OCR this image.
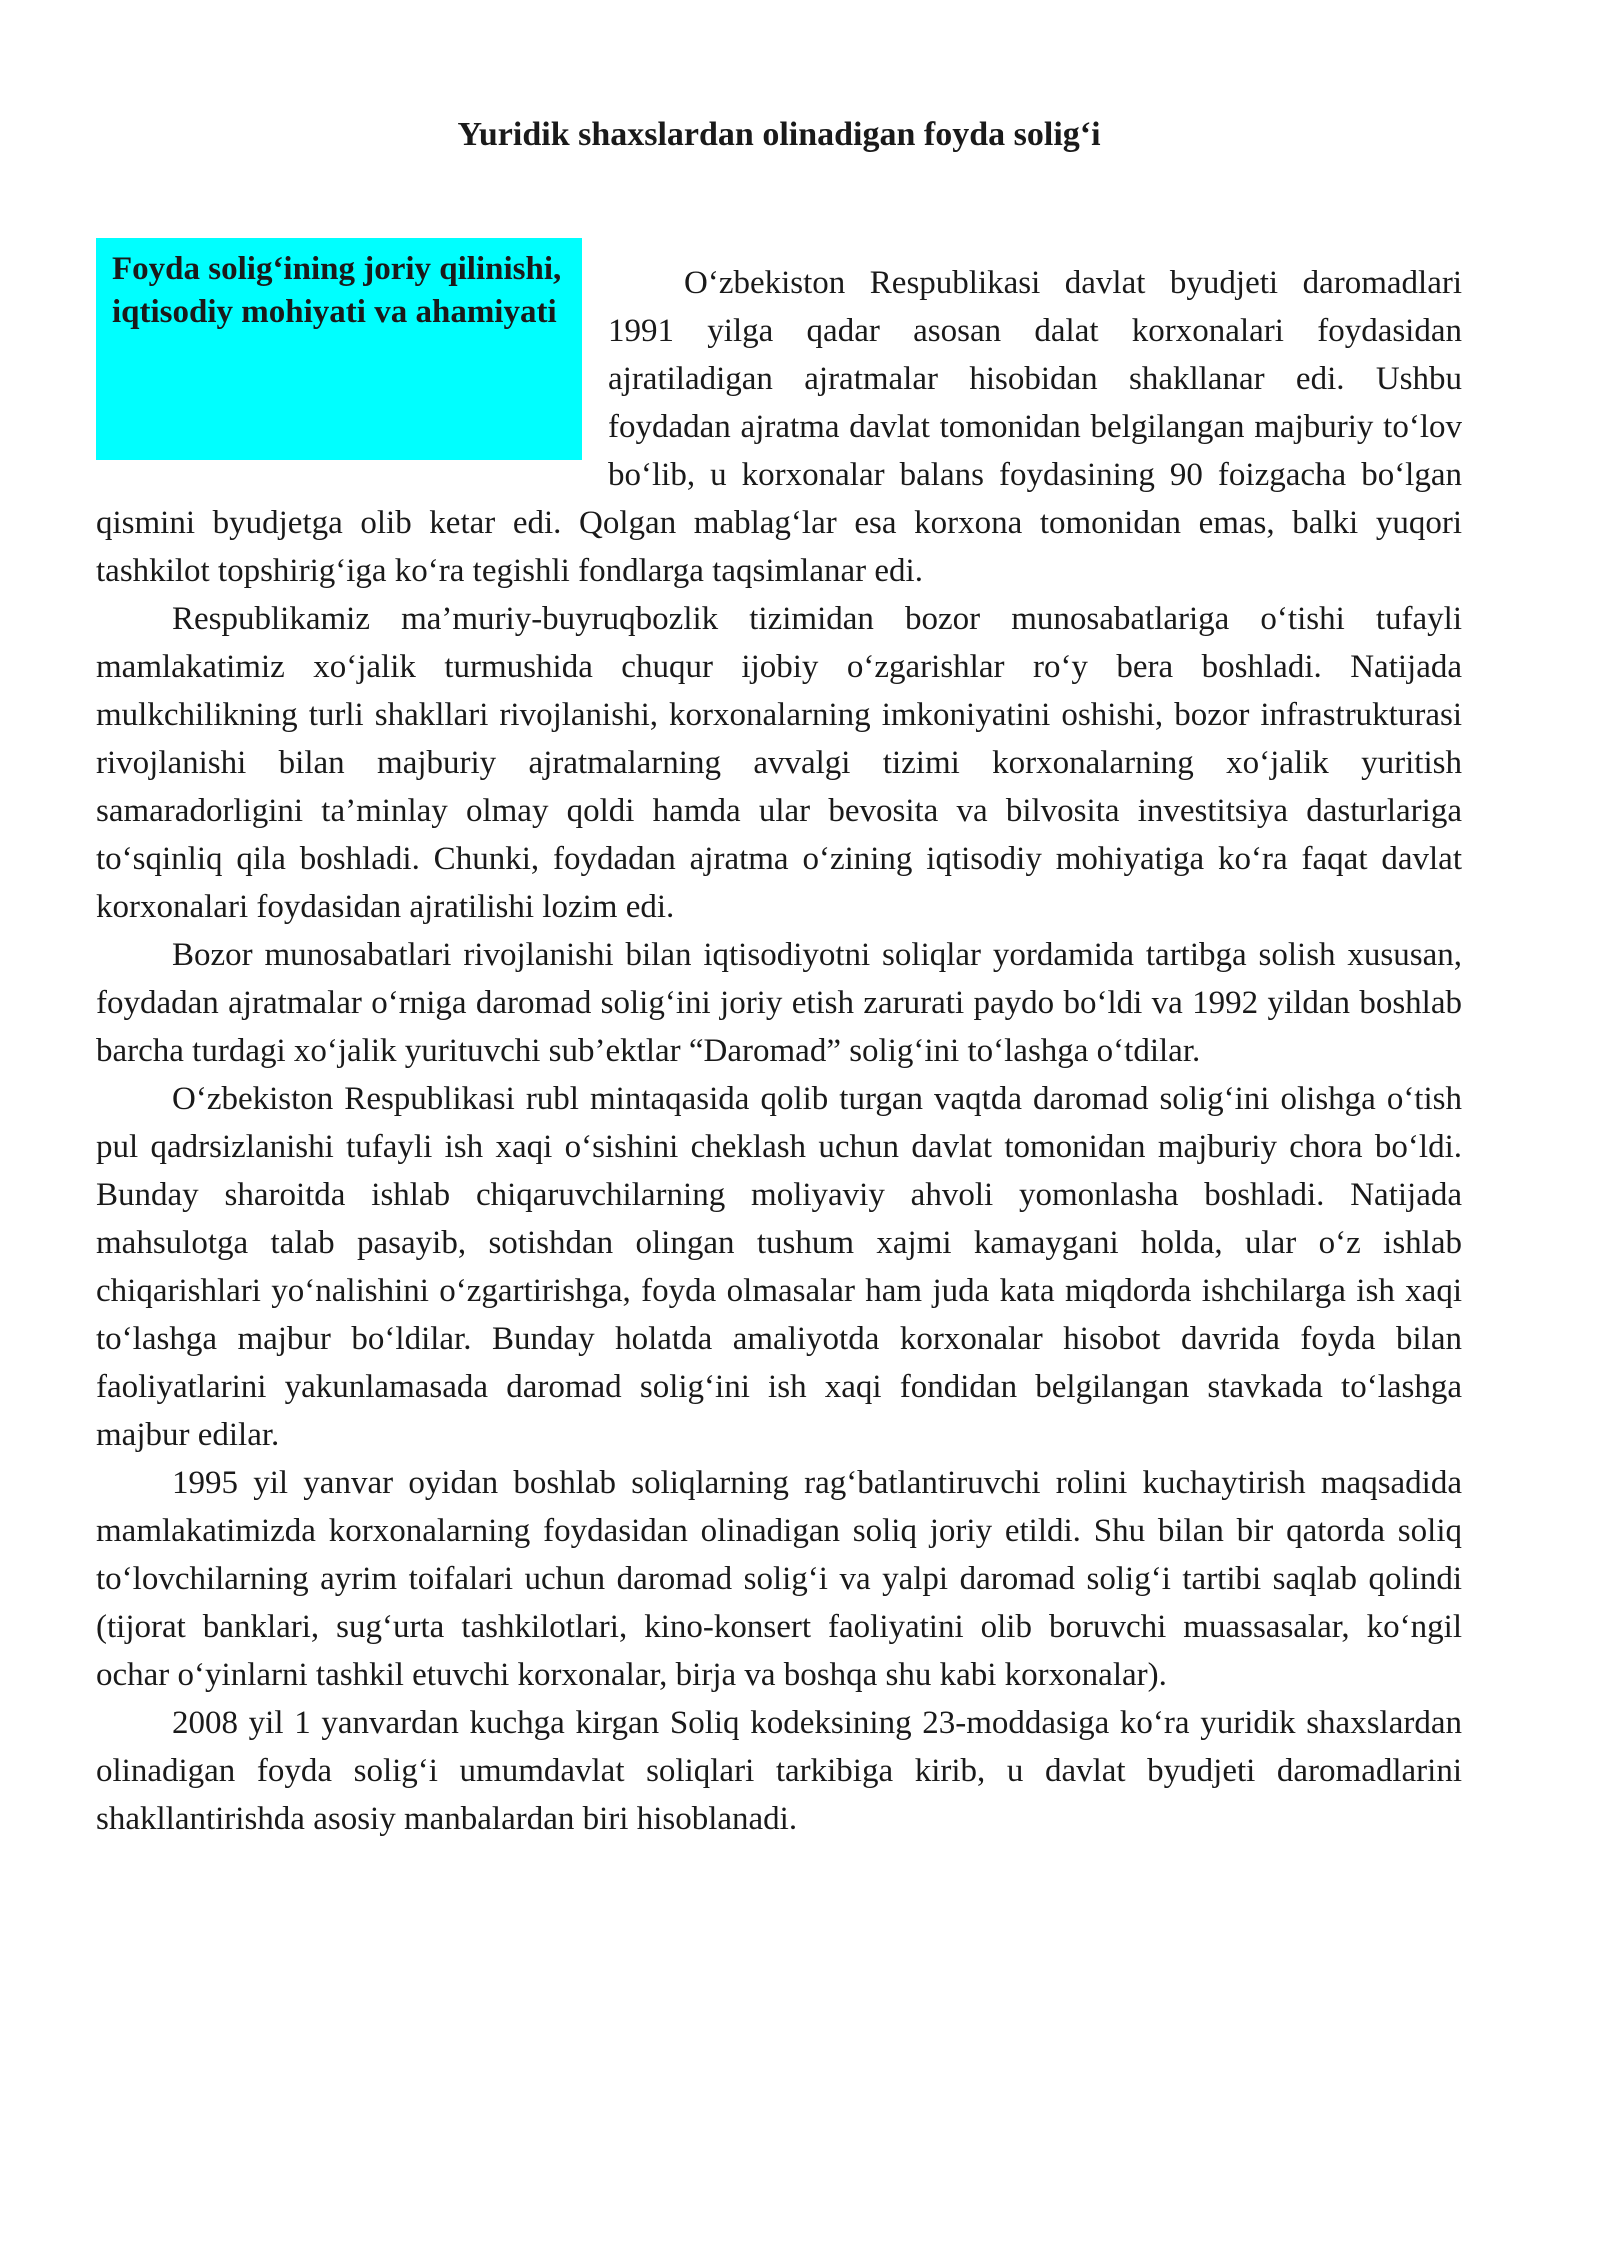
Yuridik shaxslardan olinadigan foyda solig‘i

Foyda solig‘ining joriy qilinishi, iqtisodiy mohiyati va ahamiyati

O‘zbekiston Respublikasi davlat byudjeti daromadlari 1991 yilga qadar asosan dalat korxonalari foydasidan ajratiladigan ajratmalar hisobidan shakllanar edi. Ushbu foydadan ajratma davlat tomonidan belgilangan majburiy to‘lov bo‘lib, u korxonalar balans foydasining 90 foizgacha bo‘lgan qismini byudjetga olib ketar edi. Qolgan mablag‘lar esa korxona tomonidan emas, balki yuqori tashkilot topshirig‘iga ko‘ra tegishli fondlarga taqsimlanar edi.

Respublikamiz ma’muriy-buyruqbozlik tizimidan bozor munosabatlariga o‘tishi tufayli mamlakatimiz xo‘jalik turmushida chuqur ijobiy o‘zgarishlar ro‘y bera boshladi. Natijada mulkchilikning turli shakllari rivojlanishi, korxonalarning imkoniyatini oshishi, bozor infrastrukturasi rivojlanishi bilan majburiy ajratmalarning avvalgi tizimi korxonalarning xo‘jalik yuritish samaradorligini ta’minlay olmay qoldi hamda ular bevosita va bilvosita investitsiya dasturlariga to‘sqinliq qila boshladi. Chunki, foydadan ajratma o‘zining iqtisodiy mohiyatiga ko‘ra faqat davlat korxonalari foydasidan ajratilishi lozim edi.

Bozor munosabatlari rivojlanishi bilan iqtisodiyotni soliqlar yordamida tartibga solish xususan, foydadan ajratmalar o‘rniga daromad solig‘ini joriy etish zarurati paydo bo‘ldi va 1992 yildan boshlab barcha turdagi xo‘jalik yurituvchi sub’ektlar “Daromad” solig‘ini to‘lashga o‘tdilar.

O‘zbekiston Respublikasi rubl mintaqasida qolib turgan vaqtda daromad solig‘ini olishga o‘tish pul qadrsizlanishi tufayli ish xaqi o‘sishini cheklash uchun davlat tomonidan majburiy chora bo‘ldi. Bunday sharoitda ishlab chiqaruvchilarning moliyaviy ahvoli yomonlasha boshladi. Natijada mahsulotga talab pasayib, sotishdan olingan tushum xajmi kamaygani holda, ular o‘z ishlab chiqarishlari yo‘nalishini o‘zgartirishga, foyda olmasalar ham juda kata miqdorda ishchilarga ish xaqi to‘lashga majbur bo‘ldilar. Bunday holatda amaliyotda korxonalar hisobot davrida foyda bilan faoliyatlarini yakunlamasada daromad solig‘ini ish xaqi fondidan belgilangan stavkada to‘lashga majbur edilar.

1995 yil yanvar oyidan boshlab soliqlarning rag‘batlantiruvchi rolini kuchaytirish maqsadida mamlakatimizda korxonalarning foydasidan olinadigan soliq joriy etildi. Shu bilan bir qatorda soliq to‘lovchilarning ayrim toifalari uchun daromad solig‘i va yalpi daromad solig‘i tartibi saqlab qolindi (tijorat banklari, sug‘urta tashkilotlari, kino-konsert faoliyatini olib boruvchi muassasalar, ko‘ngil ochar o‘yinlarni tashkil etuvchi korxonalar, birja va boshqa shu kabi korxonalar).

2008 yil 1 yanvardan kuchga kirgan Soliq kodeksining 23-moddasiga ko‘ra yuridik shaxslardan olinadigan foyda solig‘i umumdavlat soliqlari tarkibiga kirib, u davlat byudjeti daromadlarini shakllantirishda asosiy manbalardan biri hisoblanadi.
